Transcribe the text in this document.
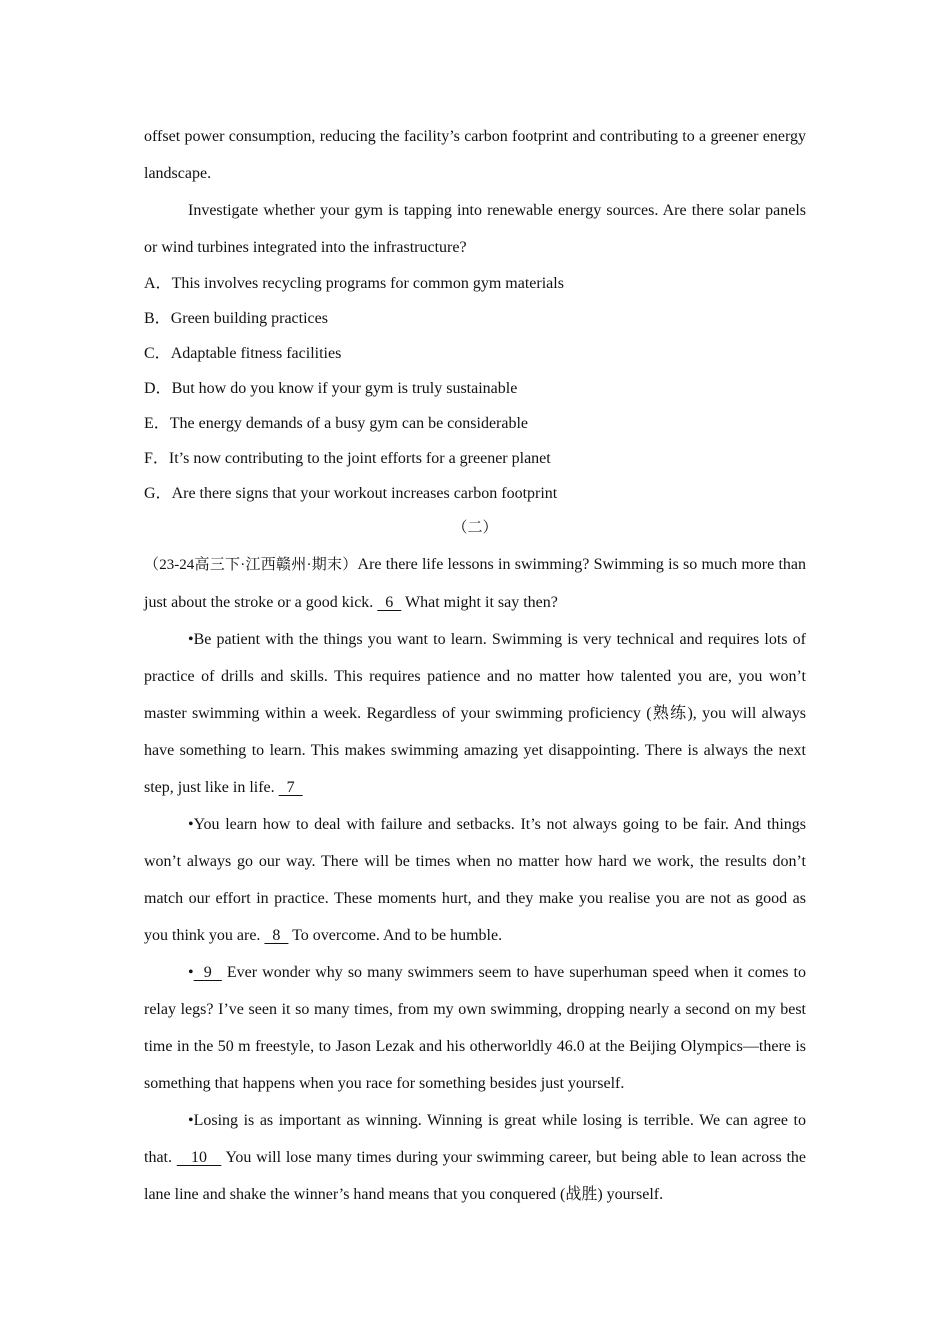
offset power consumption, reducing the facility’s carbon footprint and contributing to a greener energy landscape.

Investigate whether your gym is tapping into renewable energy sources. Are there solar panels or wind turbines integrated into the infrastructure?

A．This involves recycling programs for common gym materials

B．Green building practices

C．Adaptable fitness facilities

D．But how do you know if your gym is truly sustainable

E．The energy demands of a busy gym can be considerable

F．It’s now contributing to the joint efforts for a greener planet

G．Are there signs that your workout increases carbon footprint

（二）

（23-24高三下·江西赣州·期末）Are there life lessons in swimming? Swimming is so much more than just about the stroke or a good kick.   6   What might it say then?

•Be patient with the things you want to learn. Swimming is very technical and requires lots of practice of drills and skills. This requires patience and no matter how talented you are, you won’t master swimming within a week. Regardless of your swimming proficiency (熟练), you will always have something to learn. This makes swimming amazing yet disappointing. There is always the next step, just like in life.   7

•You learn how to deal with failure and setbacks. It’s not always going to be fair. And things won’t always go our way. There will be times when no matter how hard we work, the results don’t match our effort in practice. These moments hurt, and they make you realise you are not as good as you think you are.   8   To overcome. And to be humble.

•  9   Ever wonder why so many swimmers seem to have superhuman speed when it comes to relay legs? I’ve seen it so many times, from my own swimming, dropping nearly a second on my best time in the 50 m freestyle, to Jason Lezak and his otherworldly 46.0 at the Beijing Olympics—there is something that happens when you race for something besides just yourself.

•Losing is as important as winning. Winning is great while losing is terrible. We can agree to that.    10    You will lose many times during your swimming career, but being able to lean across the lane line and shake the winner’s hand means that you conquered (战胜) yourself.
